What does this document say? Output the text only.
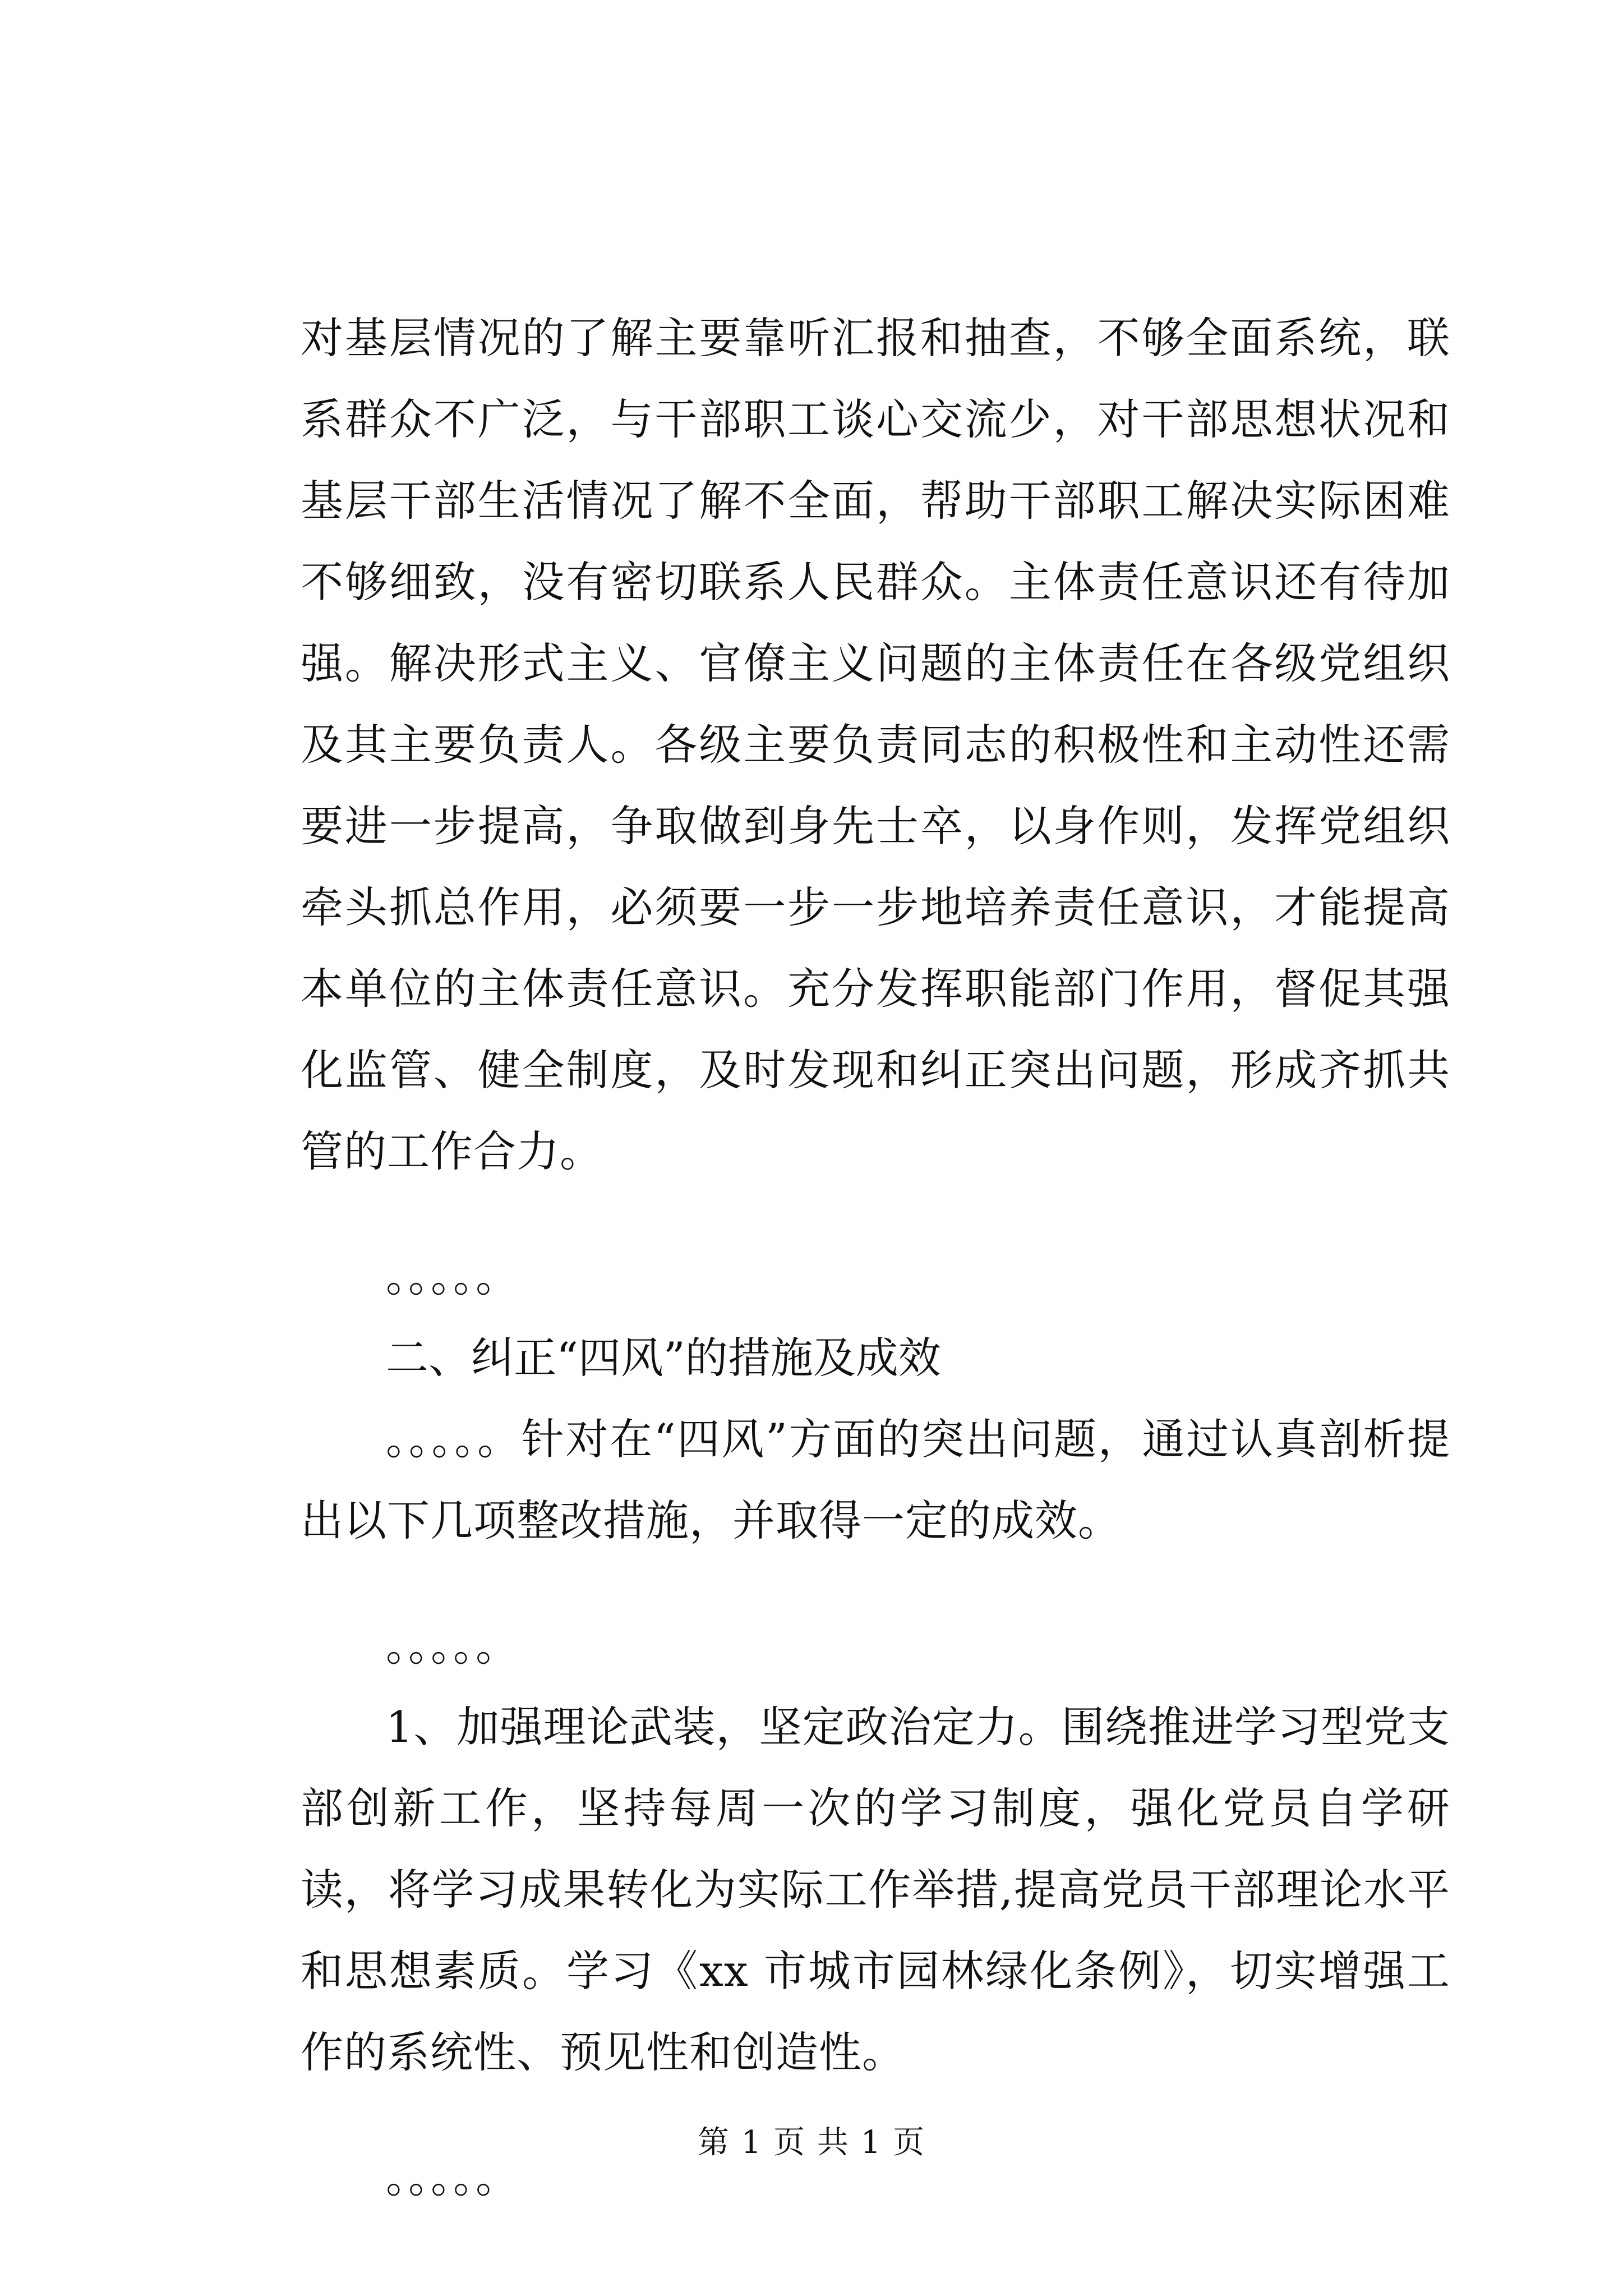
对基层情况的了解主要靠听汇报和抽查，不够全面系统，联系群众不广泛，与干部职工谈心交流少，对干部思想状况和基层干部生活情况了解不全面，帮助干部职工解决实际困难不够细致，没有密切联系人民群众。主体责任意识还有待加强。解决形式主义、官僚主义问题的主体责任在各级党组织及其主要负责人。各级主要负责同志的积极性和主动性还需要进一步提高，争取做到身先士卒，以身作则，发挥党组织牵头抓总作用，必须要一步一步地培养责任意识，才能提高本单位的主体责任意识。充分发挥职能部门作用，督促其强化监管、健全制度，及时发现和纠正突出问题，形成齐抓共管的工作合力。

。。。。。

二、纠正“四风”的措施及成效

。。。。。针对在“四风”方面的突出问题，通过认真剖析提出以下几项整改措施，并取得一定的成效。

。。。。。

1、加强理论武装，坚定政治定力。围绕推进学习型党支部创新工作，坚持每周一次的学习制度，强化党员自学研读，将学习成果转化为实际工作举措,提高党员干部理论水平和思想素质。学习《xx 市城市园林绿化条例》，切实增强工作的系统性、预见性和创造性。

。。。。。

第 1 页 共 1 页
